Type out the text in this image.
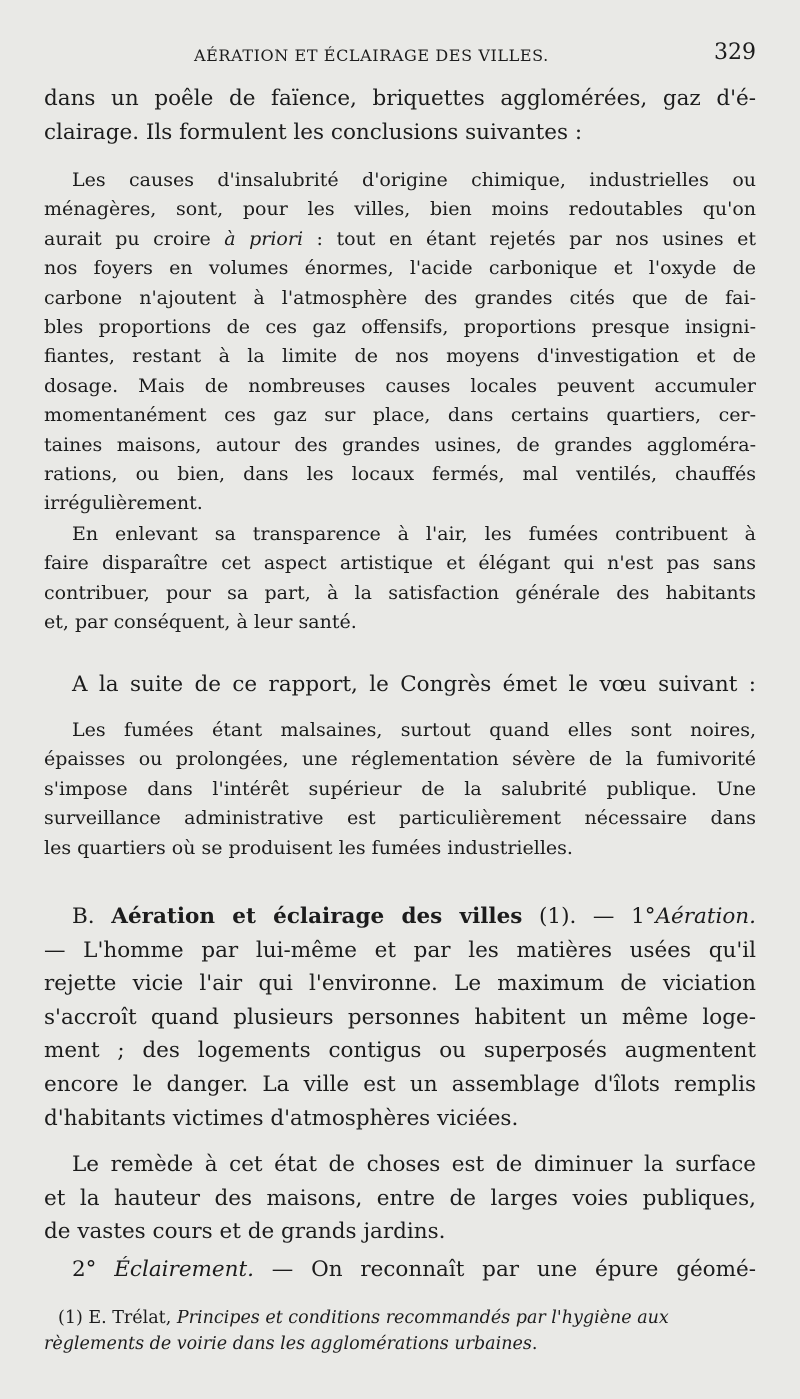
AÉRATION ET ÉCLAIRAGE DES VILLES.	329
dans un poêle de faïence, briquettes agglomérées, gaz d'é-
clairage. Ils formulent les conclusions suivantes :
Les causes d'insalubrité d'origine chimique, industrielles ou
ménagères, sont, pour les villes, bien moins redoutables qu'on
aurait pu croire à priori : tout en étant rejetés par nos usines et
nos foyers en volumes énormes, l'acide carbonique et l'oxyde de
carbone n'ajoutent à l'atmosphère des grandes cités que de fai-
bles proportions de ces gaz offensifs, proportions presque insigni-
fiantes, restant à la limite de nos moyens d'investigation et de
dosage. Mais de nombreuses causes locales peuvent accumuler
momentanément ces gaz sur place, dans certains quartiers, cer-
taines maisons, autour des grandes usines, de grandes aggloméra-
rations, ou bien, dans les locaux fermés, mal ventilés, chauffés
irrégulièrement.
En enlevant sa transparence à l'air, les fumées contribuent à
faire disparaître cet aspect artistique et élégant qui n'est pas sans
contribuer, pour sa part, à la satisfaction générale des habitants
et, par conséquent, à leur santé.
A la suite de ce rapport, le Congrès émet le vœu suivant :
Les fumées étant malsaines, surtout quand elles sont noires,
épaisses ou prolongées, une réglementation sévère de la fumivorité
s'impose dans l'intérêt supérieur de la salubrité publique. Une
surveillance administrative est particulièrement nécessaire dans
les quartiers où se produisent les fumées industrielles.
B. Aération et éclairage des villes (1). — 1°Aération.
— L'homme par lui-même et par les matières usées qu'il
rejette vicie l'air qui l'environne. Le maximum de viciation
s'accroît quand plusieurs personnes habitent un même loge-
ment ; des logements contigus ou superposés augmentent
encore le danger. La ville est un assemblage d'îlots remplis
d'habitants victimes d'atmosphères viciées.
Le remède à cet état de choses est de diminuer la surface
et la hauteur des maisons, entre de larges voies publiques,
de vastes cours et de grands jardins.
2° Éclairement. — On reconnaît par une épure géomé-
(1) E. Trélat, Principes et conditions recommandés par l'hygiène aux
règlements de voirie dans les agglomérations urbaines.
